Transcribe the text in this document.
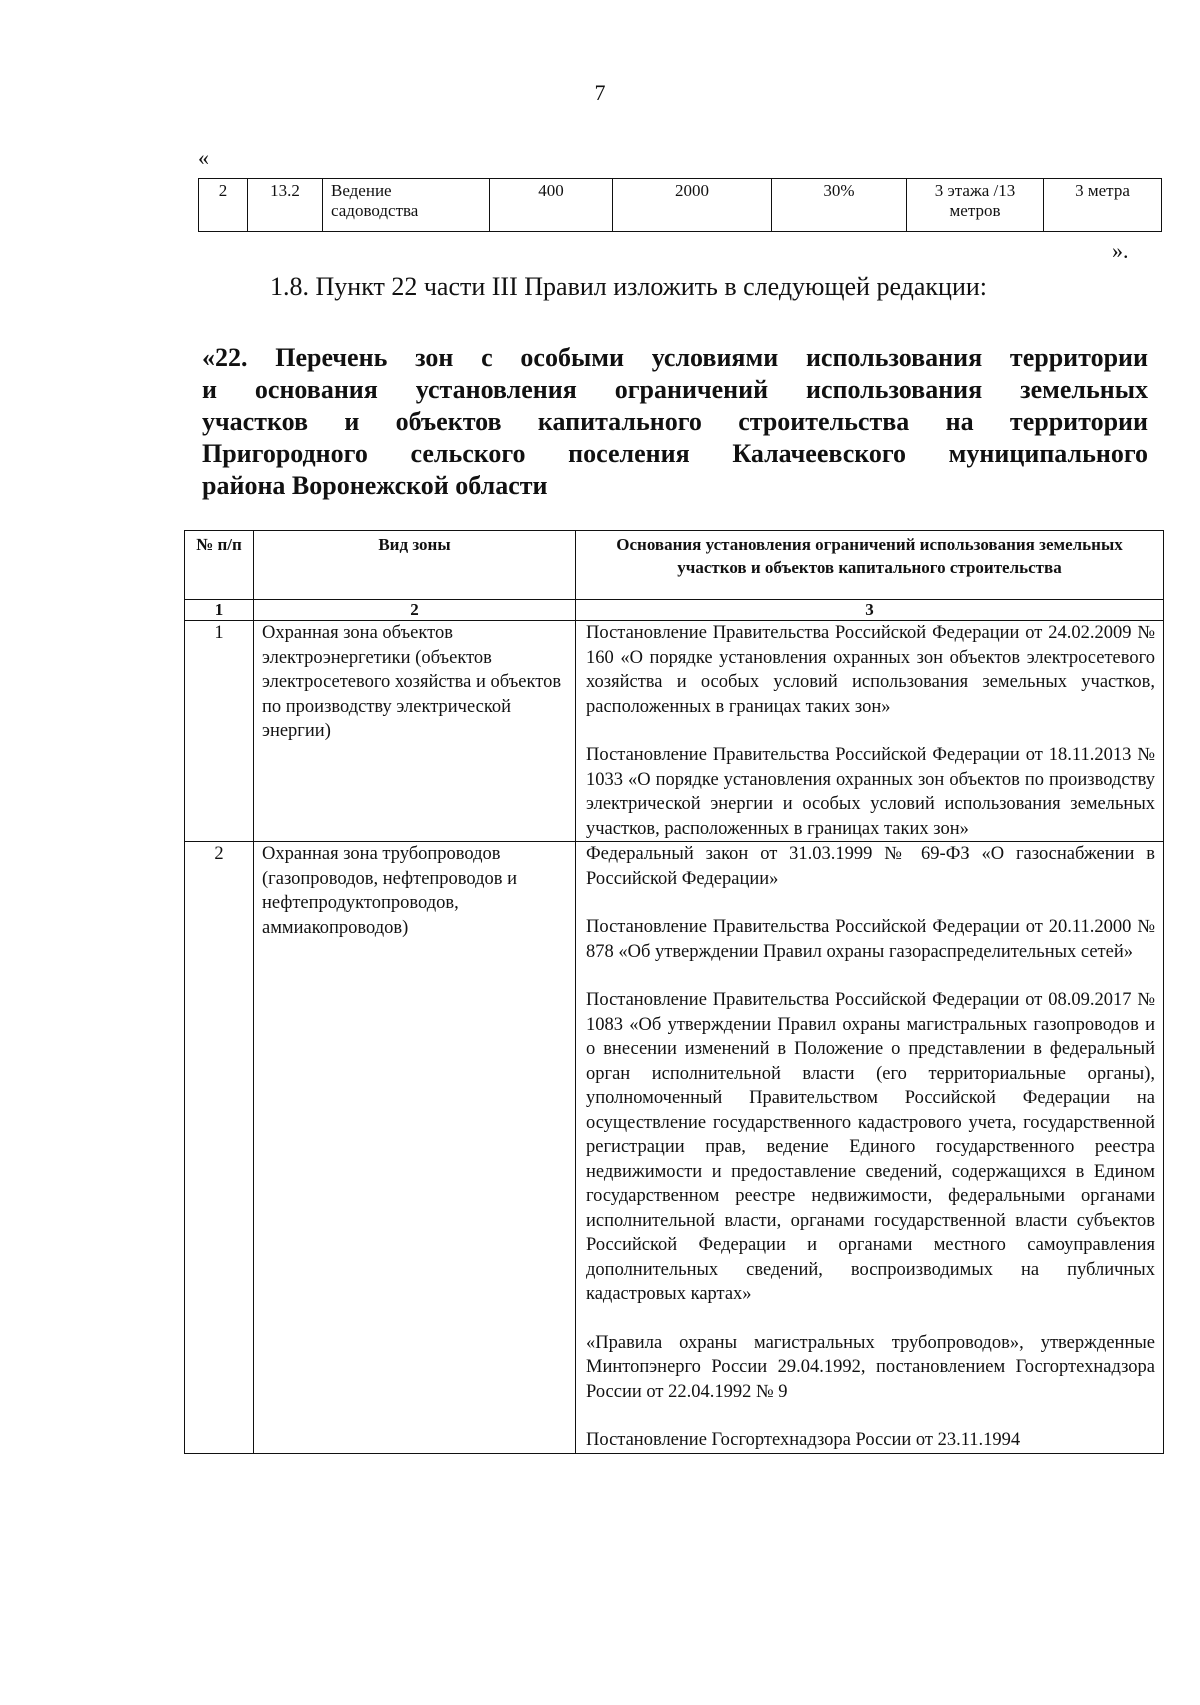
7
«
2	13.2	Ведение садоводства	400	2000	30%	3 этажа /13 метров	3 метра
».
1.8. Пункт 22 части III Правил изложить в следующей редакции:
«22. Перечень зон с особыми условиями использования территории
и основания установления ограничений использования земельных
участков и объектов капитального строительства на территории
Пригородного сельского поселения Калачеевского муниципального
района Воронежской области
№ п/п	Вид зоны	Основания установления ограничений использования земельных участков и объектов капитального строительства

1	2	3
1	Охранная зона объектов электроэнергетики (объектов электросетевого хозяйства и объектов по производству электрической энергии)	Постановление Правительства Российской Федерации от 24.02.2009 № 160 «О порядке установления охранных зон объектов электросетевого хозяйства и особых условий использования земельных участков, расположенных в границах таких зон»

Постановление Правительства Российской Федерации от 18.11.2013 № 1033 «О порядке установления охранных зон объектов по производству электрической энергии и особых условий использования земельных участков, расположенных в границах таких зон»

2	Охранная зона трубопроводов (газопроводов, нефтепроводов и нефтепродуктопроводов, аммиакопроводов)	Федеральный закон от 31.03.1999 № 69-ФЗ «О газоснабжении в Российской Федерации»

Постановление Правительства Российской Федерации от 20.11.2000 № 878 «Об утверждении Правил охраны газораспределительных сетей»

Постановление Правительства Российской Федерации от 08.09.2017 № 1083 «Об утверждении Правил охраны магистральных газопроводов и о внесении изменений в Положение о представлении в федеральный орган исполнительной власти (его территориальные органы), уполномоченный Правительством Российской Федерации на осуществление государственного кадастрового учета, государственной регистрации прав, ведение Единого государственного реестра недвижимости и предоставление сведений, содержащихся в Едином государственном реестре недвижимости, федеральными органами исполнительной власти, органами государственной власти субъектов Российской Федерации и органами местного самоуправления дополнительных сведений, воспроизводимых на публичных кадастровых картах»

«Правила охраны магистральных трубопроводов», утвержденные Минтопэнерго России 29.04.1992, постановлением Госгортехнадзора России от 22.04.1992 № 9

Постановление Госгортехнадзора России от 23.11.1994
